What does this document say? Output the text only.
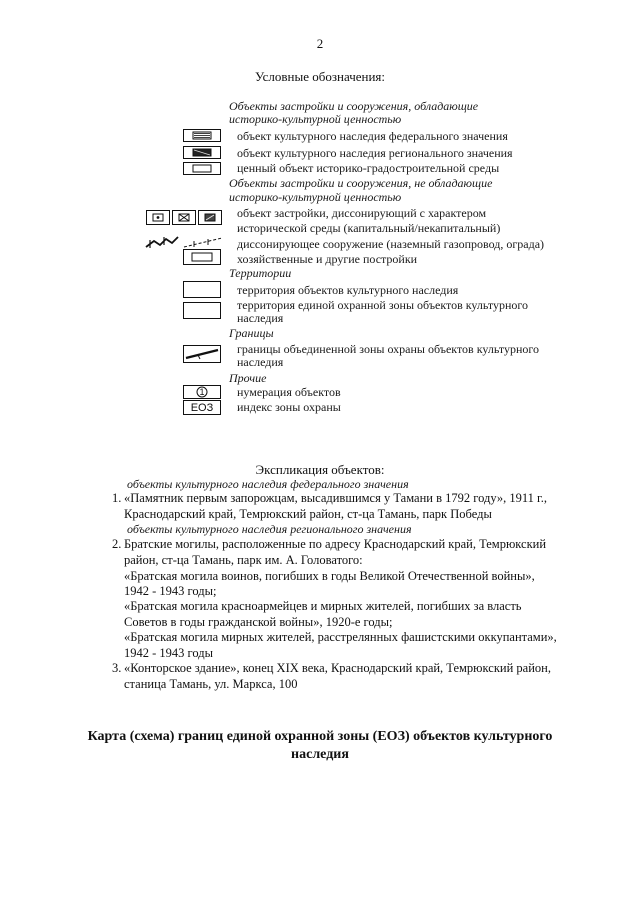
2
Условные обозначения:
Объекты застройки и сооружения, обладающие
историко-культурной ценностью
объект культурного наследия федерального значения
объект культурного наследия регионального значения
ценный объект историко-градостроительной среды
Объекты застройки и сооружения, не обладающие
историко-культурной ценностью
объект застройки, диссонирующий с характером
исторической среды (капитальный/некапитальный)
диссонирующее сооружение (наземный газопровод, ограда)
хозяйственные и другие постройки
Территории
территория объектов культурного наследия
территория единой охранной зоны объектов культурного
наследия
Границы
границы объединенной зоны охраны объектов культурного
наследия
Прочие
1	нумерация объектов
ЕОЗ	индекс зоны охраны
Экспликация объектов:
объекты культурного наследия федерального значения
1. «Памятник первым запорожцам, высадившимся у Тамани в 1792 году», 1911 г.,
Краснодарский край, Темрюкский район, ст-ца Тамань, парк Победы
объекты культурного наследия регионального значения
2. Братские могилы, расположенные по адресу Краснодарский край, Темрюкский
район, ст-ца Тамань, парк им. А. Головатого:
«Братская могила воинов, погибших в годы Великой Отечественной войны»,
1942 - 1943 годы;
«Братская могила красноармейцев и мирных жителей, погибших за власть
Советов в годы гражданской войны», 1920-е годы;
«Братская могила мирных жителей, расстрелянных фашистскими оккупантами»,
1942 - 1943 годы
3. «Конторское здание», конец XIX века, Краснодарский край, Темрюкский район,
станица Тамань, ул. Маркса, 100
Карта (схема) границ единой охранной зоны (ЕОЗ) объектов культурного наследия
